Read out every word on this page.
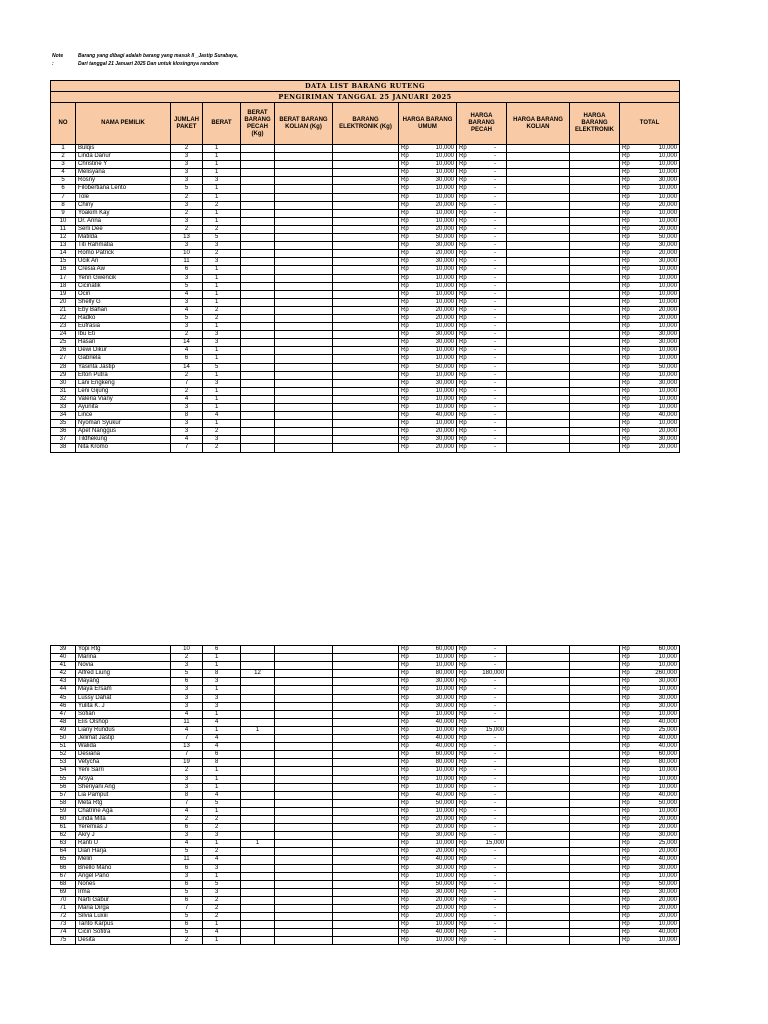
Note :
Barang yang dibagi adalah barang yang masuk ll _Jastip Surabaya,
Dari tanggal 21 Januari 2025 Dan untuk klosingnya random
DATA LIST BARANG RUTENG											
PENGIRIMAN TANGGAL 25 JANUARI 2025											
NO	NAMA PEMILIK	JUMLAH PAKET	BERAT	BERAT BARANG PECAH (Kg)	BERAT BARANG KOLIAN (Kg)	BARANG ELEKTRONIK (Kg)	HARGA BARANG UMUM	HARGA BARANG PECAH	HARGA BARANG KOLIAN	HARGA BARANG ELEKTRONIK	TOTAL
1	Bulqis	2	1				Rp 10,000	Rp -			Rp 10,000

2	Linda Danur	3	1				Rp 10,000	Rp -			Rp 10,000

3	Christine Y	3	1				Rp 10,000	Rp -			Rp 10,000

4	Melisyana	3	1				Rp 10,000	Rp -			Rp 10,000

5	Rosny	3	3				Rp 30,000	Rp -			Rp 30,000

6	Filobertiana Lento	5	1				Rp 10,000	Rp -			Rp 10,000

7	Tole	2	1				Rp 10,000	Rp -			Rp 10,000

8	Chiny	3	2				Rp 20,000	Rp -			Rp 20,000

9	Yoakim Kay	2	1				Rp 10,000	Rp -			Rp 10,000

10	Dr. Anna	3	1				Rp 10,000	Rp -			Rp 10,000

11	Serli Dee	2	2				Rp 20,000	Rp -			Rp 20,000

12	Matilda	13	5				Rp 50,000	Rp -			Rp 50,000

13	Titi Rahmatia	3	3				Rp 30,000	Rp -			Rp 30,000

14	Romo Patrick	10	2				Rp 20,000	Rp -			Rp 20,000

15	Ucik An	11	3				Rp 30,000	Rp -			Rp 30,000

16	Cresia Aw	6	1				Rp 10,000	Rp -			Rp 10,000

17	Yenn Gwencik	3	1				Rp 10,000	Rp -			Rp 10,000

18	Cicinatik	5	1				Rp 10,000	Rp -			Rp 10,000

19	Ocin	4	1				Rp 10,000	Rp -			Rp 10,000

20	Shelly G	3	1				Rp 10,000	Rp -			Rp 10,000

21	Eby Bahari	4	2				Rp 20,000	Rp -			Rp 20,000

22	Radko	5	2				Rp 20,000	Rp -			Rp 20,000

23	Eufrasia	3	1				Rp 10,000	Rp -			Rp 10,000

24	Ibu Eti	2	3				Rp 30,000	Rp -			Rp 30,000

25	Hasan	14	3				Rp 30,000	Rp -			Rp 30,000

26	Dewi Dikur	4	1				Rp 10,000	Rp -			Rp 10,000

27	Gabriela	6	1				Rp 10,000	Rp -			Rp 10,000

28	Yasinta Jastip	14	5				Rp 50,000	Rp -			Rp 50,000

29	Elton Putra	2	1				Rp 10,000	Rp -			Rp 10,000

30	Lani Engkeng	7	3				Rp 30,000	Rp -			Rp 30,000

31	Leni Gijung	2	1				Rp 10,000	Rp -			Rp 10,000

32	Valeria Viany	4	1				Rp 10,000	Rp -			Rp 10,000

33	Ayunita	3	1				Rp 10,000	Rp -			Rp 10,000

34	Lince	8	4				Rp 40,000	Rp -			Rp 40,000

35	Nyoman Syukur	3	1				Rp 10,000	Rp -			Rp 10,000

36	Apet Nanggus	3	2				Rp 20,000	Rp -			Rp 20,000

37	Tildhekung	4	3				Rp 30,000	Rp -			Rp 30,000

38	Nita Kromo	7	2				Rp 20,000	Rp -			Rp 20,000
39	Yopi Rtg	10	6				Rp 60,000	Rp -			Rp 60,000

40	Marina	2	1				Rp 10,000	Rp -			Rp 10,000

41	Novia	3	1				Rp 10,000	Rp -			Rp 10,000

42	Alfred Liung	5	8	12			Rp 80,000	Rp 180,000			Rp 260,000

43	Mayang	6	3				Rp 30,000	Rp -			Rp 30,000

44	Maya Ersam	3	1				Rp 10,000	Rp -			Rp 10,000

45	Lussy Dahat	3	3				Rp 30,000	Rp -			Rp 30,000

46	Yulita K. J	3	3				Rp 30,000	Rp -			Rp 30,000

47	Sofian	4	1				Rp 10,000	Rp -			Rp 10,000

48	Elis Olshop	11	4				Rp 40,000	Rp -			Rp 40,000

49	Liany Rundus	4	1	1			Rp 10,000	Rp 15,000			Rp 25,000

50	Jelimat Jastip	7	4				Rp 40,000	Rp -			Rp 40,000

51	Walida	13	4				Rp 40,000	Rp -			Rp 40,000

52	Desiana	7	6				Rp 60,000	Rp -			Rp 60,000

53	Vetycha	19	8				Rp 80,000	Rp -			Rp 80,000

54	Yeni Sarri	2	1				Rp 10,000	Rp -			Rp 10,000

55	Arsya	3	1				Rp 10,000	Rp -			Rp 10,000

56	Sheriyani Ang	3	1				Rp 10,000	Rp -			Rp 10,000

57	Lia Pamput	8	4				Rp 40,000	Rp -			Rp 40,000

58	Meta Rtg	7	5				Rp 50,000	Rp -			Rp 50,000

59	Chatrine Aga	4	1				Rp 10,000	Rp -			Rp 10,000

60	Linda Mita	2	2				Rp 20,000	Rp -			Rp 20,000

61	Yeremias J	6	2				Rp 20,000	Rp -			Rp 20,000

62	Akry J	3	3				Rp 30,000	Rp -			Rp 30,000

63	Ranti U	4	1	1			Rp 10,000	Rp 15,000			Rp 25,000

64	Dian Harja	5	2				Rp 20,000	Rp -			Rp 20,000

65	Melin	11	4				Rp 40,000	Rp -			Rp 40,000

66	Briello Mano	6	3				Rp 30,000	Rp -			Rp 30,000

67	Angel Pano	3	1				Rp 10,000	Rp -			Rp 10,000

68	Nones	6	5				Rp 50,000	Rp -			Rp 50,000

69	Irma	5	3				Rp 30,000	Rp -			Rp 30,000

70	Narti Gabur	6	2				Rp 20,000	Rp -			Rp 20,000

71	Maria Dirga	7	2				Rp 20,000	Rp -			Rp 20,000

72	Silvia Luxiii	5	2				Rp 20,000	Rp -			Rp 20,000

73	Tanto Karpus	6	1				Rp 10,000	Rp -			Rp 10,000

74	Cicin Sofitra	5	4				Rp 40,000	Rp -			Rp 40,000

75	Desita	2	1				Rp 10,000	Rp -			Rp 10,000
